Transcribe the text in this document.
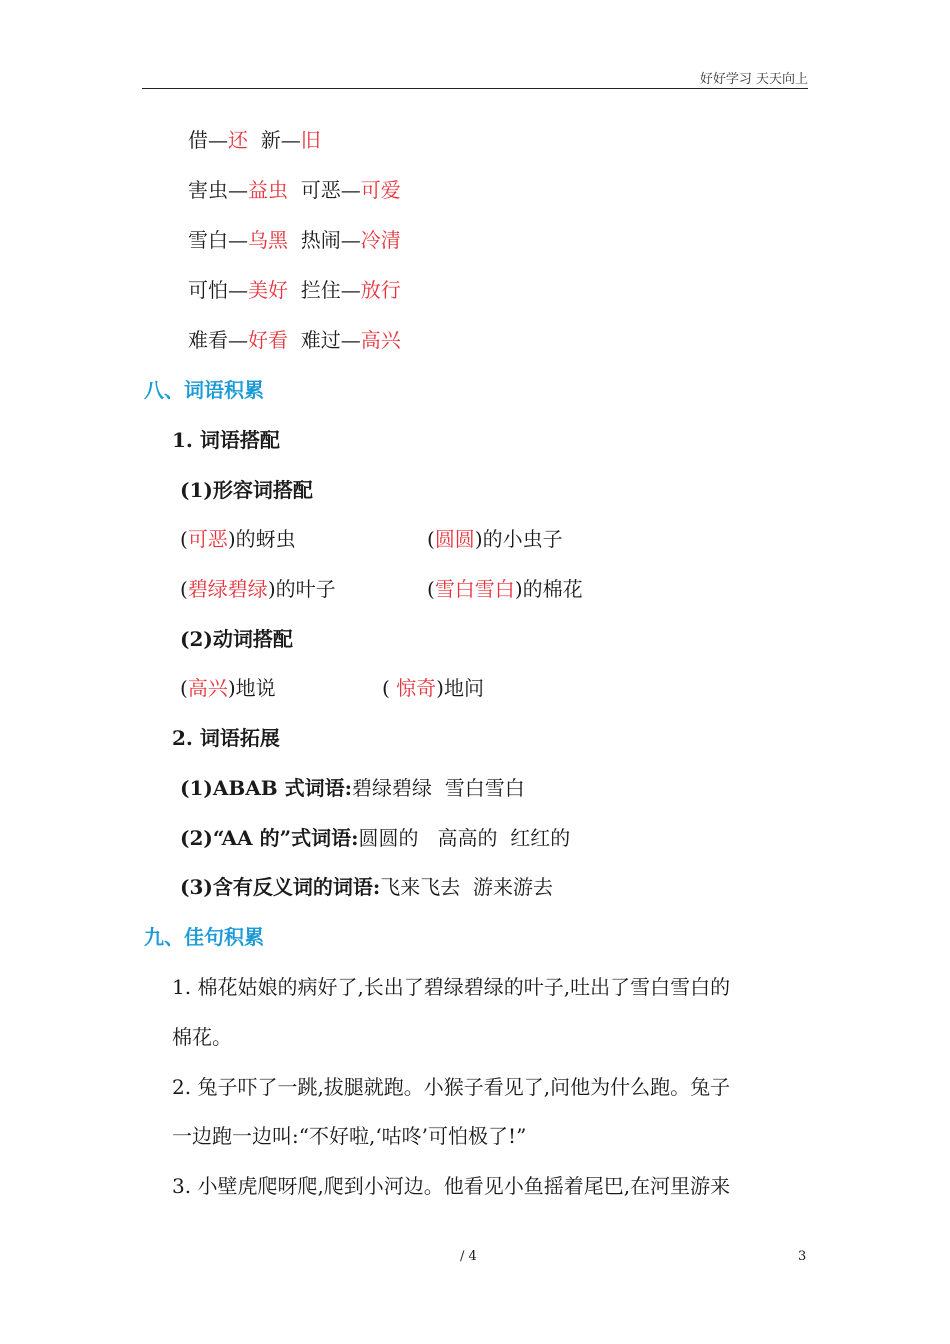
好好学习 天天向上
借—还 新—旧
害虫—益虫 可恶—可爱
雪白—乌黑 热闹—冷清
可怕—美好 拦住—放行
难看—好看 难过—高兴
八、词语积累
1. 词语搭配
(1)形容词搭配
(可恶)的蚜虫	(圆圆)的小虫子
(碧绿碧绿)的叶子	(雪白雪白)的棉花
(2)动词搭配
(高兴)地说	( 惊奇)地问
2. 词语拓展
(1)ABAB 式词语:碧绿碧绿  雪白雪白
(2)“AA 的”式词语:圆圆的   高高的  红红的
(3)含有反义词的词语:飞来飞去  游来游去
九、佳句积累
1. 棉花姑娘的病好了,长出了碧绿碧绿的叶子,吐出了雪白雪白的
棉花。
2. 兔子吓了一跳,拔腿就跑。小猴子看见了,问他为什么跑。兔子
一边跑一边叫:“不好啦,‘咕咚’可怕极了!”
3. 小壁虎爬呀爬,爬到小河边。他看见小鱼摇着尾巴,在河里游来
/ 4	3
